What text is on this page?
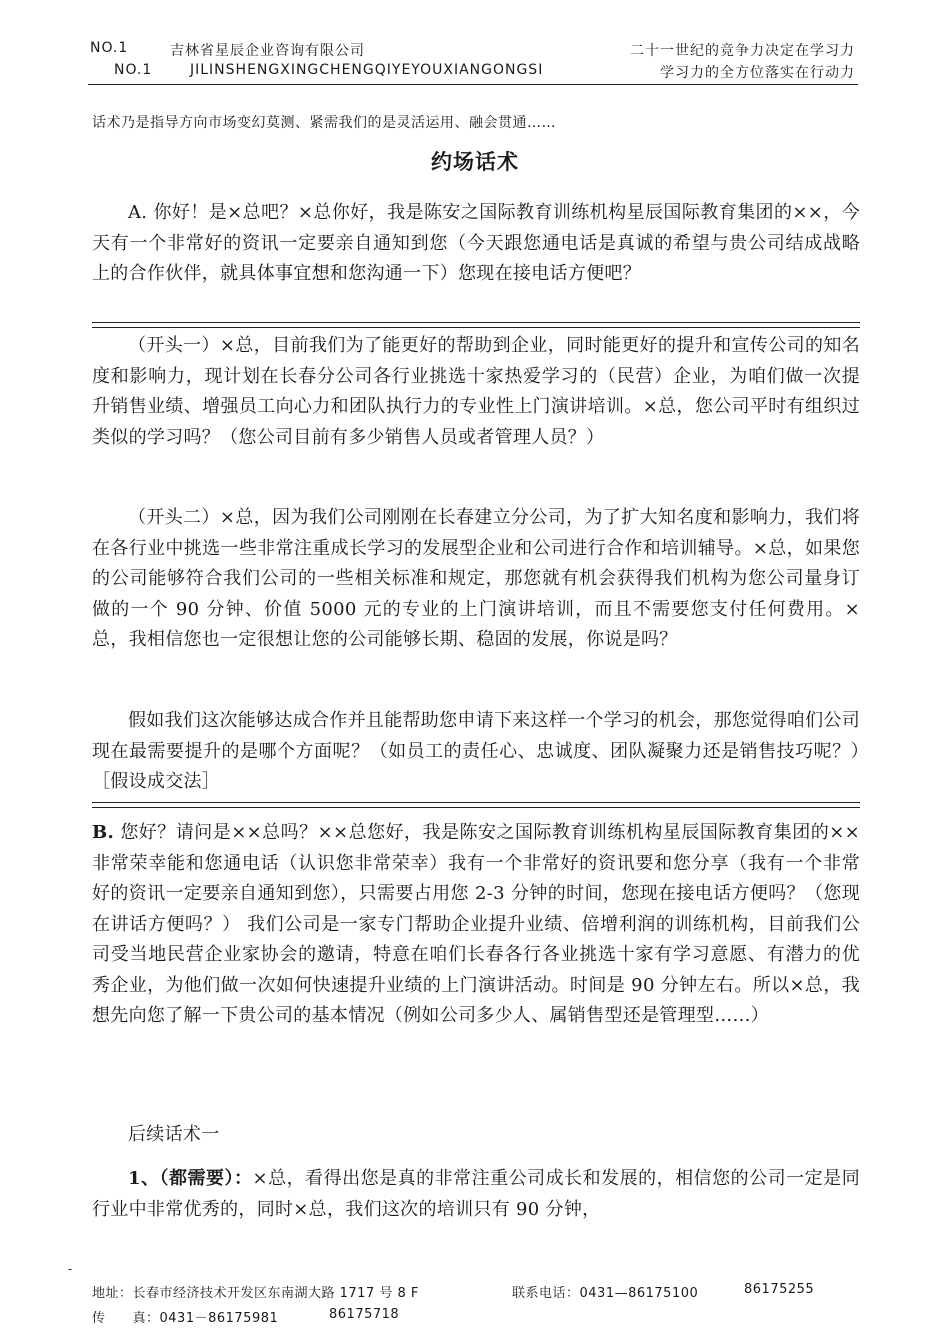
NO.1	吉林省星辰企业咨询有限公司	二十一世纪的竞争力决定在学习力
NO.1	JILINSHENGXINGCHENGQIYEYOUXIANGONGSI	学习力的全方位落实在行动力
话术乃是指导方向市场变幻莫测、紧需我们的是灵活运用、融会贯通……
约场话术
A. 你好！是×总吧？×总你好，我是陈安之国际教育训练机构星辰国际教育集团的××，今天有一个非常好的资讯一定要亲自通知到您（今天跟您通电话是真诚的希望与贵公司结成战略上的合作伙伴，就具体事宜想和您沟通一下）您现在接电话方便吧？
（开头一）×总，目前我们为了能更好的帮助到企业，同时能更好的提升和宣传公司的知名度和影响力，现计划在长春分公司各行业挑选十家热爱学习的（民营）企业，为咱们做一次提升销售业绩、增强员工向心力和团队执行力的专业性上门演讲培训。×总，您公司平时有组织过类似的学习吗？（您公司目前有多少销售人员或者管理人员？）
（开头二）×总，因为我们公司刚刚在长春建立分公司，为了扩大知名度和影响力，我们将在各行业中挑选一些非常注重成长学习的发展型企业和公司进行合作和培训辅导。×总，如果您的公司能够符合我们公司的一些相关标准和规定，那您就有机会获得我们机构为您公司量身订做的一个 90 分钟、价值 5000 元的专业的上门演讲培训，而且不需要您支付任何费用。×总，我相信您也一定很想让您的公司能够长期、稳固的发展，你说是吗？
假如我们这次能够达成合作并且能帮助您申请下来这样一个学习的机会，那您觉得咱们公司现在最需要提升的是哪个方面呢？（如员工的责任心、忠诚度、团队凝聚力还是销售技巧呢？）［假设成交法］
B. 您好？请问是××总吗？××总您好，我是陈安之国际教育训练机构星辰国际教育集团的×× 非常荣幸能和您通电话（认识您非常荣幸）我有一个非常好的资讯要和您分享（我有一个非常好的资讯一定要亲自通知到您），只需要占用您 2-3 分钟的时间，您现在接电话方便吗？（您现在讲话方便吗？） 我们公司是一家专门帮助企业提升业绩、倍增利润的训练机构，目前我们公司受当地民营企业家协会的邀请，特意在咱们长春各行各业挑选十家有学习意愿、有潜力的优秀企业，为他们做一次如何快速提升业绩的上门演讲活动。时间是 90 分钟左右。所以×总，我想先向您了解一下贵公司的基本情况（例如公司多少人、属销售型还是管理型……）
后续话术一
1、（都需要）：×总，看得出您是真的非常注重公司成长和发展的，相信您的公司一定是同行业中非常优秀的，同时×总，我们这次的培训只有 90 分钟，
-
地址：长春市经济技术开发区东南湖大路 1717 号 8 F	联系电话：0431—86175100	86175255
传　　真：0431－86175981	86175718
